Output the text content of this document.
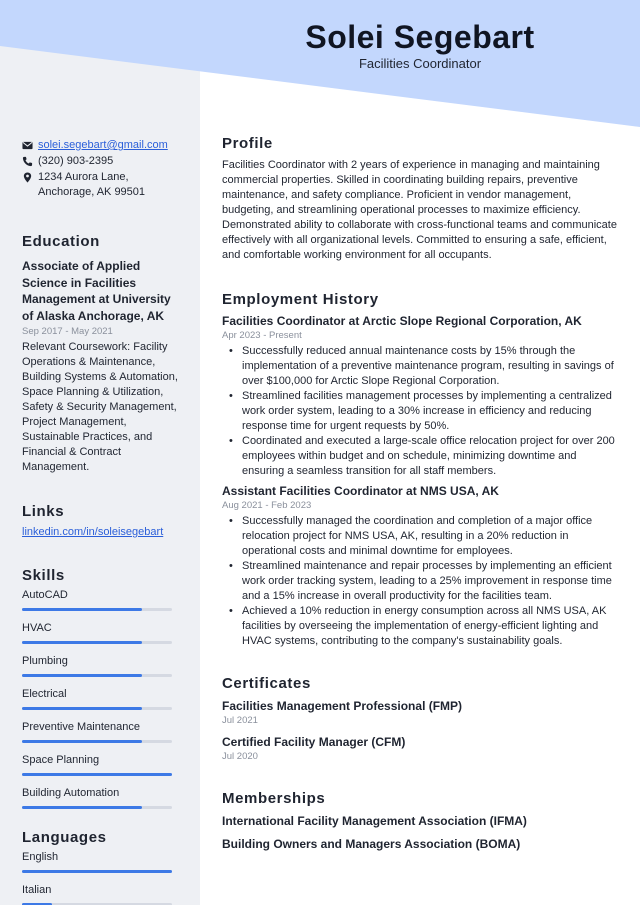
Solei Segebart
Facilities Coordinator
solei.segebart@gmail.com
(320) 903-2395
1234 Aurora Lane, Anchorage, AK 99501
Education
Associate of Applied Science in Facilities Management at University of Alaska Anchorage, AK
Sep 2017 - May 2021
Relevant Coursework: Facility Operations & Maintenance, Building Systems & Automation, Space Planning & Utilization, Safety & Security Management, Project Management, Sustainable Practices, and Financial & Contract Management.
Links
linkedin.com/in/soleisegebart
Skills
AutoCAD
HVAC
Plumbing
Electrical
Preventive Maintenance
Space Planning
Building Automation
Languages
English
Italian
Profile
Facilities Coordinator with 2 years of experience in managing and maintaining commercial properties. Skilled in coordinating building repairs, preventive maintenance, and safety compliance. Proficient in vendor management, budgeting, and streamlining operational processes to maximize efficiency. Demonstrated ability to collaborate with cross-functional teams and communicate effectively with all organizational levels. Committed to ensuring a safe, efficient, and comfortable working environment for all occupants.
Employment History
Facilities Coordinator at Arctic Slope Regional Corporation, AK
Apr 2023 - Present
• Successfully reduced annual maintenance costs by 15% through the implementation of a preventive maintenance program, resulting in savings of over $100,000 for Arctic Slope Regional Corporation.
• Streamlined facilities management processes by implementing a centralized work order system, leading to a 30% increase in efficiency and reducing response time for urgent requests by 50%.
• Coordinated and executed a large-scale office relocation project for over 200 employees within budget and on schedule, minimizing downtime and ensuring a seamless transition for all staff members.
Assistant Facilities Coordinator at NMS USA, AK
Aug 2021 - Feb 2023
• Successfully managed the coordination and completion of a major office relocation project for NMS USA, AK, resulting in a 20% reduction in operational costs and minimal downtime for employees.
• Streamlined maintenance and repair processes by implementing an efficient work order tracking system, leading to a 25% improvement in response time and a 15% increase in overall productivity for the facilities team.
• Achieved a 10% reduction in energy consumption across all NMS USA, AK facilities by overseeing the implementation of energy-efficient lighting and HVAC systems, contributing to the company's sustainability goals.
Certificates
Facilities Management Professional (FMP)
Jul 2021
Certified Facility Manager (CFM)
Jul 2020
Memberships
International Facility Management Association (IFMA)
Building Owners and Managers Association (BOMA)
